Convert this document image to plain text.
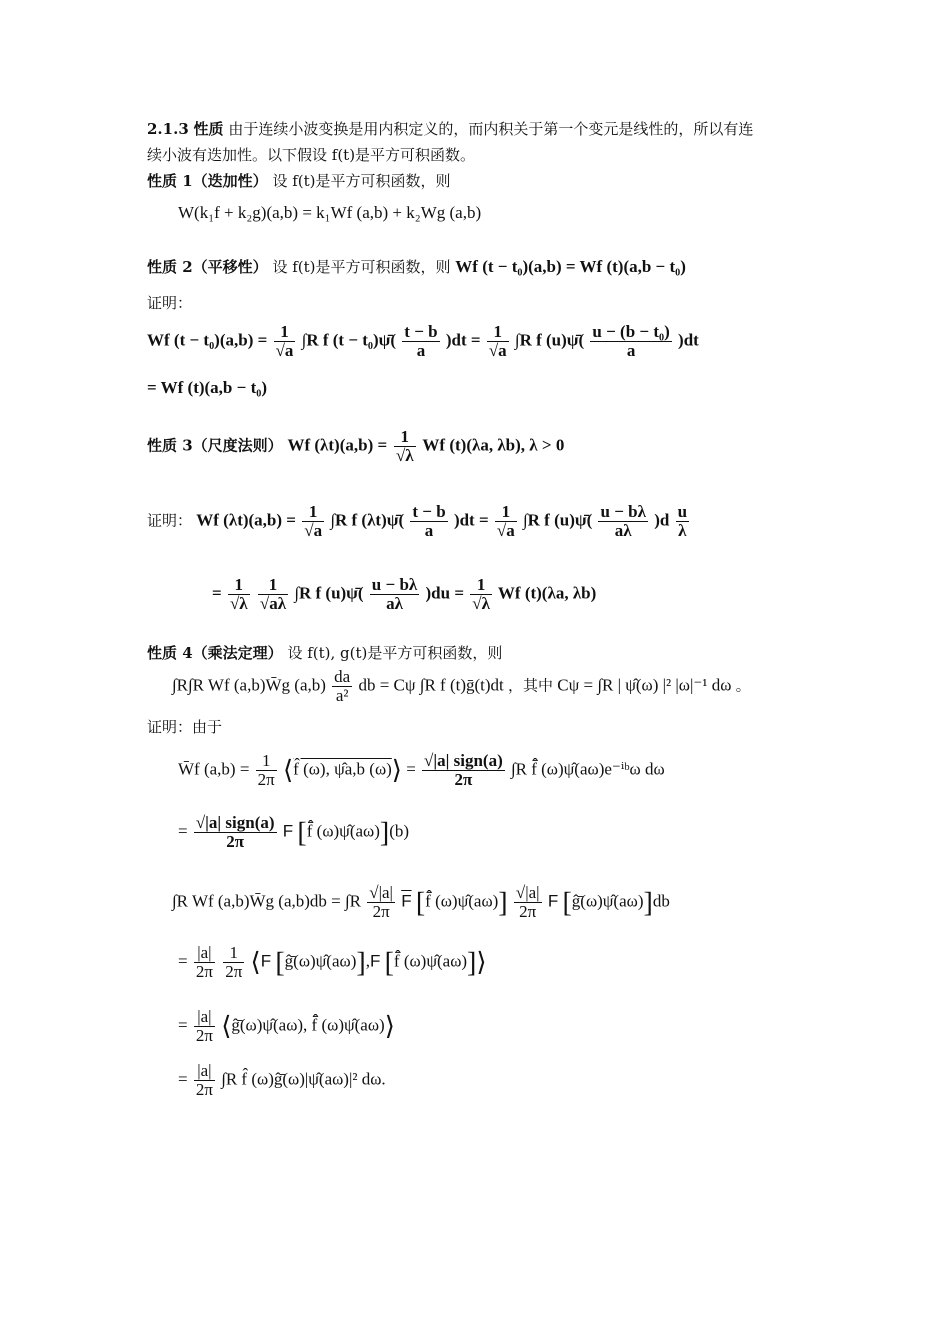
2.1.3 性质 由于连续小波变换是用内积定义的，而内积关于第一个变元是线性的，所以有连
续小波有迭加性。以下假设 f(t)是平方可积函数。
性质 1（迭加性） 设 f(t)是平方可积函数，则
W(k₁f + k₂g)(a,b) = k₁Wf (a,b) + k₂Wg (a,b)
性质 2（平移性） 设 f(t)是平方可积函数，则 Wf (t − t₀)(a,b) = Wf (t)(a,b − t₀)
证明：
Wf $(t - t_0)(a,b) = \frac{1}{√a} \int R$ f (t − t₀)ψ̄( $\frac{t - b}{a} )dt = \frac{1}{√a} \int R$ f (u)ψ̄( $\frac{\text{u − (b − t₀)}}{a} )dt$
= Wf (t)(a,b − t₀)
性质 3（尺度法则） Wf $(\lambda t)(a,b) = \frac{1}{√\lambda}$ Wf (t)(λa, λb), λ > 0
证明： Wf $(\lambda t)(a,b) = \frac{1}{√a} \int R$ f (λt)ψ̄( $\frac{t - b}{a} )dt = \frac{1}{√a} \int R$ f (u)ψ̄( $\frac{u - b\lambda}{a\lambda} )d \frac{u}{\lambda}$
= $\frac{1}{√\lambda}$
$\frac{1}{√a\lambda} \int R$ f (u)ψ̄( $\frac{u - b\lambda}{a\lambda} )du = \frac{1}{√\lambda}$ Wf (t)(λa, λb)
性质 4（乘法定理） 设 f(t), g(t)是平方可积函数，则
∫R∫R Wf (a,b)W̄g $(a,b) \frac{da}{\text{a²}}$ db = Cψ ∫R f (t)ḡ(t)dt ，其中 Cψ = ∫R | ψ̂(ω) |² |ω|⁻¹ dω 。
证明：由于
W̄f $(a,b) = \frac{1}{2\pi}$ ⟨f̂ (ω), ψ̂a,b (ω)⟩ = $\frac{\text{√|a| sign(a)}}{2\pi} \int R$ f̂̄ (ω)ψ̂(aω)e⁻ⁱᵇω dω
= $\frac{\text{√|a| sign(a)}}{2\pi}$ F [f̂̄ (ω)ψ̂(aω)](b)
∫R Wf (a,b)W̄g $(a,b)db = \int R \frac{√|a|}{2\pi} \overline{F}$ [f̂̄ (ω)ψ̂(aω)] $\frac{√|a|}{2\pi}$ F [ĝ̄(ω)ψ̂(aω)]db
= $\frac{|a|}{2\pi}$
$\frac{1}{2\pi}$ ⟨F [ĝ̄(ω)ψ̂(aω)],F [f̂̄ (ω)ψ̂(aω)]⟩
= $\frac{|a|}{2\pi}$ ⟨ĝ̄(ω)ψ̂(aω), f̂̄ (ω)ψ̂(aω)⟩
= $\frac{|a|}{2\pi} \int R$ f̂ (ω)ĝ̄(ω)|ψ̂(aω)|² dω.
